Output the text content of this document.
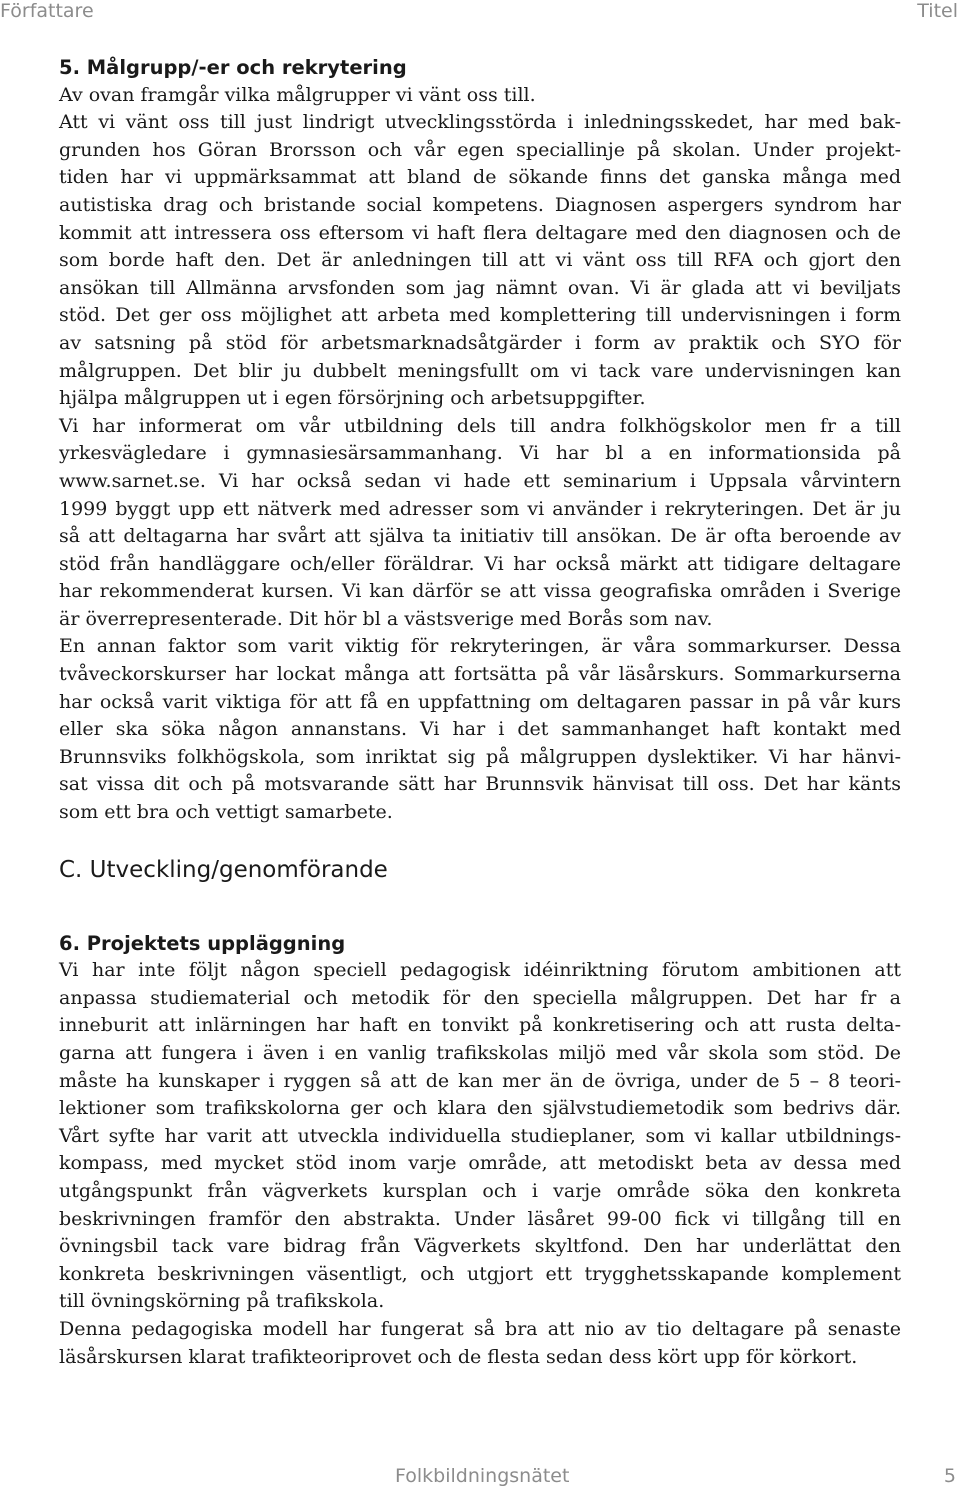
Författare	Titel
5. Målgrupp/-er och rekrytering
Av ovan framgår vilka målgrupper vi vänt oss till.
Att vi vänt oss till just lindrigt utvecklingsstörda i inledningsskedet, har med bak-
grunden hos Göran Brorsson och vår egen speciallinje på skolan. Under projekt-
tiden har vi uppmärksammat att bland de sökande finns det ganska många med
autistiska drag och bristande social kompetens. Diagnosen aspergers syndrom har
kommit att intressera oss eftersom vi haft flera deltagare med den diagnosen och de
som borde haft den. Det är anledningen till att vi vänt oss till RFA och gjort den
ansökan till Allmänna arvsfonden som jag nämnt ovan. Vi är glada att vi beviljats
stöd. Det ger oss möjlighet att arbeta med komplettering till undervisningen i form
av satsning på stöd för arbetsmarknadsåtgärder i form av praktik och SYO för
målgruppen. Det blir ju dubbelt meningsfullt om vi tack vare undervisningen kan
hjälpa målgruppen ut i egen försörjning och arbetsuppgifter.
Vi har informerat om vår utbildning dels till andra folkhögskolor men fr a till
yrkesvägledare i gymnasiesärsammanhang. Vi har bl a en informationsida på
www.sarnet.se. Vi har också sedan vi hade ett seminarium i Uppsala vårvintern
1999 byggt upp ett nätverk med adresser som vi använder i rekryteringen. Det är ju
så att deltagarna har svårt att själva ta initiativ till ansökan. De är ofta beroende av
stöd från handläggare och/eller föräldrar. Vi har också märkt att tidigare deltagare
har rekommenderat kursen. Vi kan därför se att vissa geografiska områden i Sverige
är överrepresenterade. Dit hör bl a västsverige med Borås som nav.
En annan faktor som varit viktig för rekryteringen, är våra sommarkurser. Dessa
tvåveckorskurser har lockat många att fortsätta på vår läsårskurs. Sommarkurserna
har också varit viktiga för att få en uppfattning om deltagaren passar in på vår kurs
eller ska söka någon annanstans. Vi har i det sammanhanget haft kontakt med
Brunnsviks folkhögskola, som inriktat sig på målgruppen dyslektiker. Vi har hänvi-
sat vissa dit och på motsvarande sätt har Brunnsvik hänvisat till oss. Det har känts
som ett bra och vettigt samarbete.
C. Utveckling/genomförande
6. Projektets uppläggning
Vi har inte följt någon speciell pedagogisk idéinriktning förutom ambitionen att
anpassa studiematerial och metodik för den speciella målgruppen. Det har fr a
inneburit att inlärningen har haft en tonvikt på konkretisering och att rusta delta-
garna att fungera i även i en vanlig trafikskolas miljö med vår skola som stöd. De
måste ha kunskaper i ryggen så att de kan mer än de övriga, under de 5 – 8 teori-
lektioner som trafikskolorna ger och klara den självstudiemetodik som bedrivs där.
Vårt syfte har varit att utveckla individuella studieplaner, som vi kallar utbildnings-
kompass, med mycket stöd inom varje område, att metodiskt beta av dessa med
utgångspunkt från vägverkets kursplan och i varje område söka den konkreta
beskrivningen framför den abstrakta. Under läsåret 99-00 fick vi tillgång till en
övningsbil tack vare bidrag från Vägverkets skyltfond. Den har underlättat den
konkreta beskrivningen väsentligt, och utgjort ett trygghetsskapande komplement
till övningskörning på trafikskola.
Denna pedagogiska modell har fungerat så bra att nio av tio deltagare på senaste
läsårskursen klarat trafikteoriprovet och de flesta sedan dess kört upp för körkort.
Folkbildningsnätet	5
